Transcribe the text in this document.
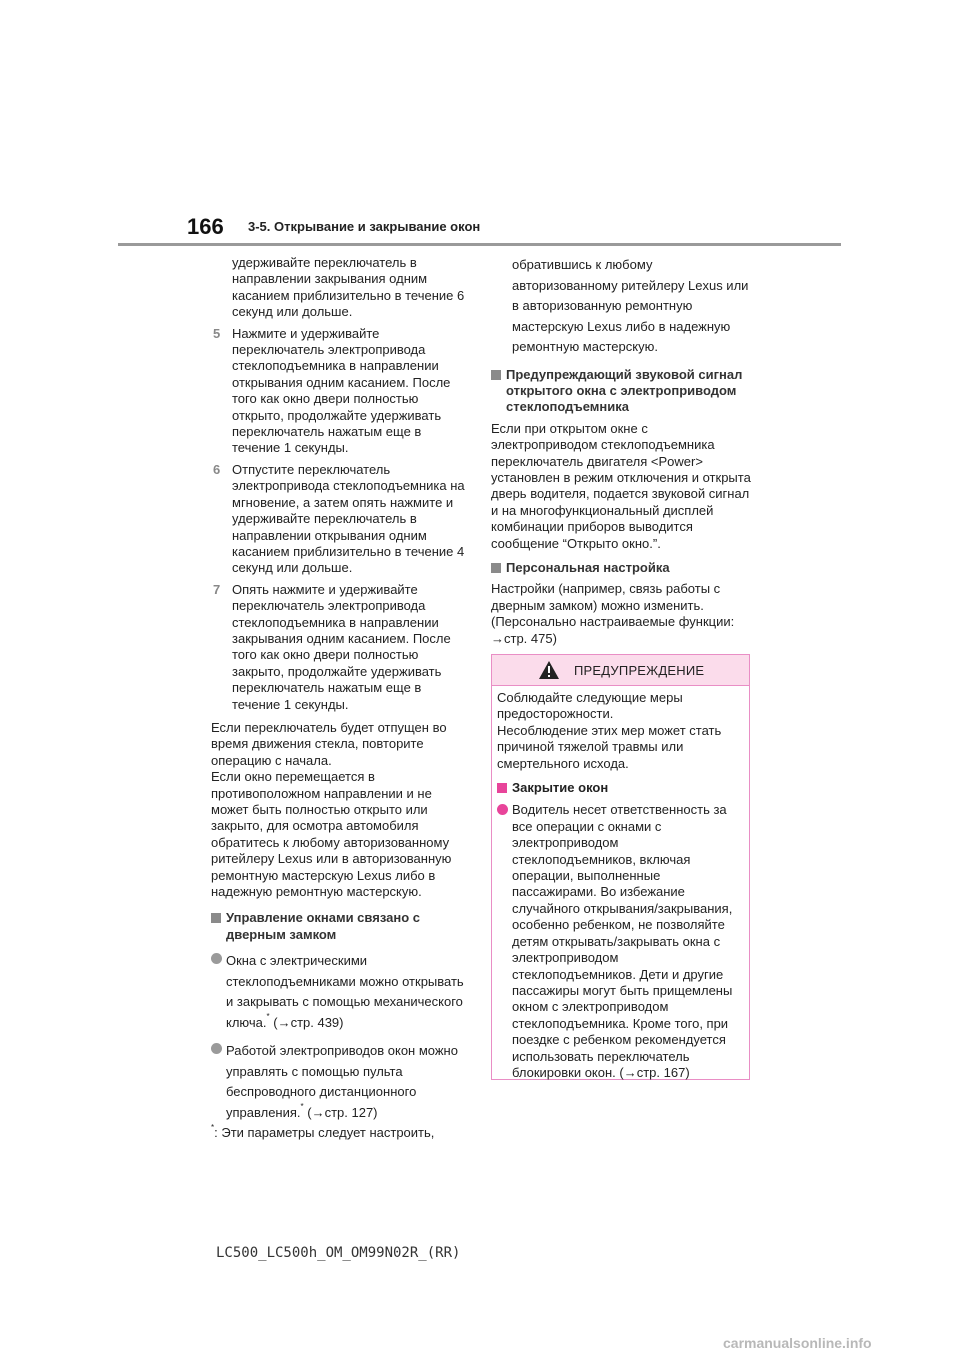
166 3-5. Открывание и закрывание окон

удерживайте переключатель в направлении закрывания одним касанием приблизительно в течение 6 секунд или дольше.

5 Нажмите и удерживайте переключатель электропривода стеклоподъемника в направлении открывания одним касанием. После того как окно двери полностью открыто, продолжайте удерживать переключатель нажатым еще в течение 1 секунды.
6 Отпустите переключатель электропривода стеклоподъемника на мгновение, а затем опять нажмите и удерживайте переключатель в направлении открывания одним касанием приблизительно в течение 4 секунд или дольше.
7 Опять нажмите и удерживайте переключатель электропривода стеклоподъемника в направлении закрывания одним касанием. После того как окно двери полностью закрыто, продолжайте удерживать переключатель нажатым еще в течение 1 секунды.

Если переключатель будет отпущен во время движения стекла, повторите операцию с начала.

Если окно перемещается в противоположном направлении и не может быть полностью открыто или закрыто, для осмотра автомобиля обратитесь к любому авторизованному ритейлеру Lexus или в авторизованную ремонтную мастерскую Lexus либо в надежную ремонтную мастерскую.

Управление окнами связано с дверным замком
Окна с электрическими стеклоподъемниками можно открывать и закрывать с помощью механического ключа.* (→стр. 439)
Работой электроприводов окон можно управлять с помощью пульта беспроводного дистанционного управления.* (→стр. 127)

*: Эти параметры следует настроить,

обратившись к любому авторизованному ритейлеру Lexus или в авторизованную ремонтную мастерскую Lexus либо в надежную ремонтную мастерскую.

Предупреждающий звуковой сигнал открытого окна с электроприводом стеклоподъемника

Если при открытом окне с электроприводом стеклоподъемника переключатель двигателя <Power> установлен в режим отключения и открыта дверь водителя, подается звуковой сигнал и на многофункциональный дисплей комбинации приборов выводится сообщение “Открыто окно.”.

Персональная настройка

Настройки (например, связь работы с дверным замком) можно изменить. (Персонально настраиваемые функции: →стр. 475)

ПРЕДУПРЕЖДЕНИЕ

Соблюдайте следующие меры предосторожности.

Несоблюдение этих мер может стать причиной тяжелой травмы или смертельного исхода.

Закрытие окон
Водитель несет ответственность за все операции с окнами с электроприводом стеклоподъемников, включая операции, выполненные пассажирами. Во избежание случайного открывания/закрывания, особенно ребенком, не позволяйте детям открывать/закрывать окна с электроприводом стеклоподъемников. Дети и другие пассажиры могут быть прищемлены окном с электроприводом стеклоподъемника. Кроме того, при поездке с ребенком рекомендуется использовать переключатель блокировки окон. (→стр. 167)
LC500_LC500h_OM_OM99N02R_(RR)
carmanualsonline.info
